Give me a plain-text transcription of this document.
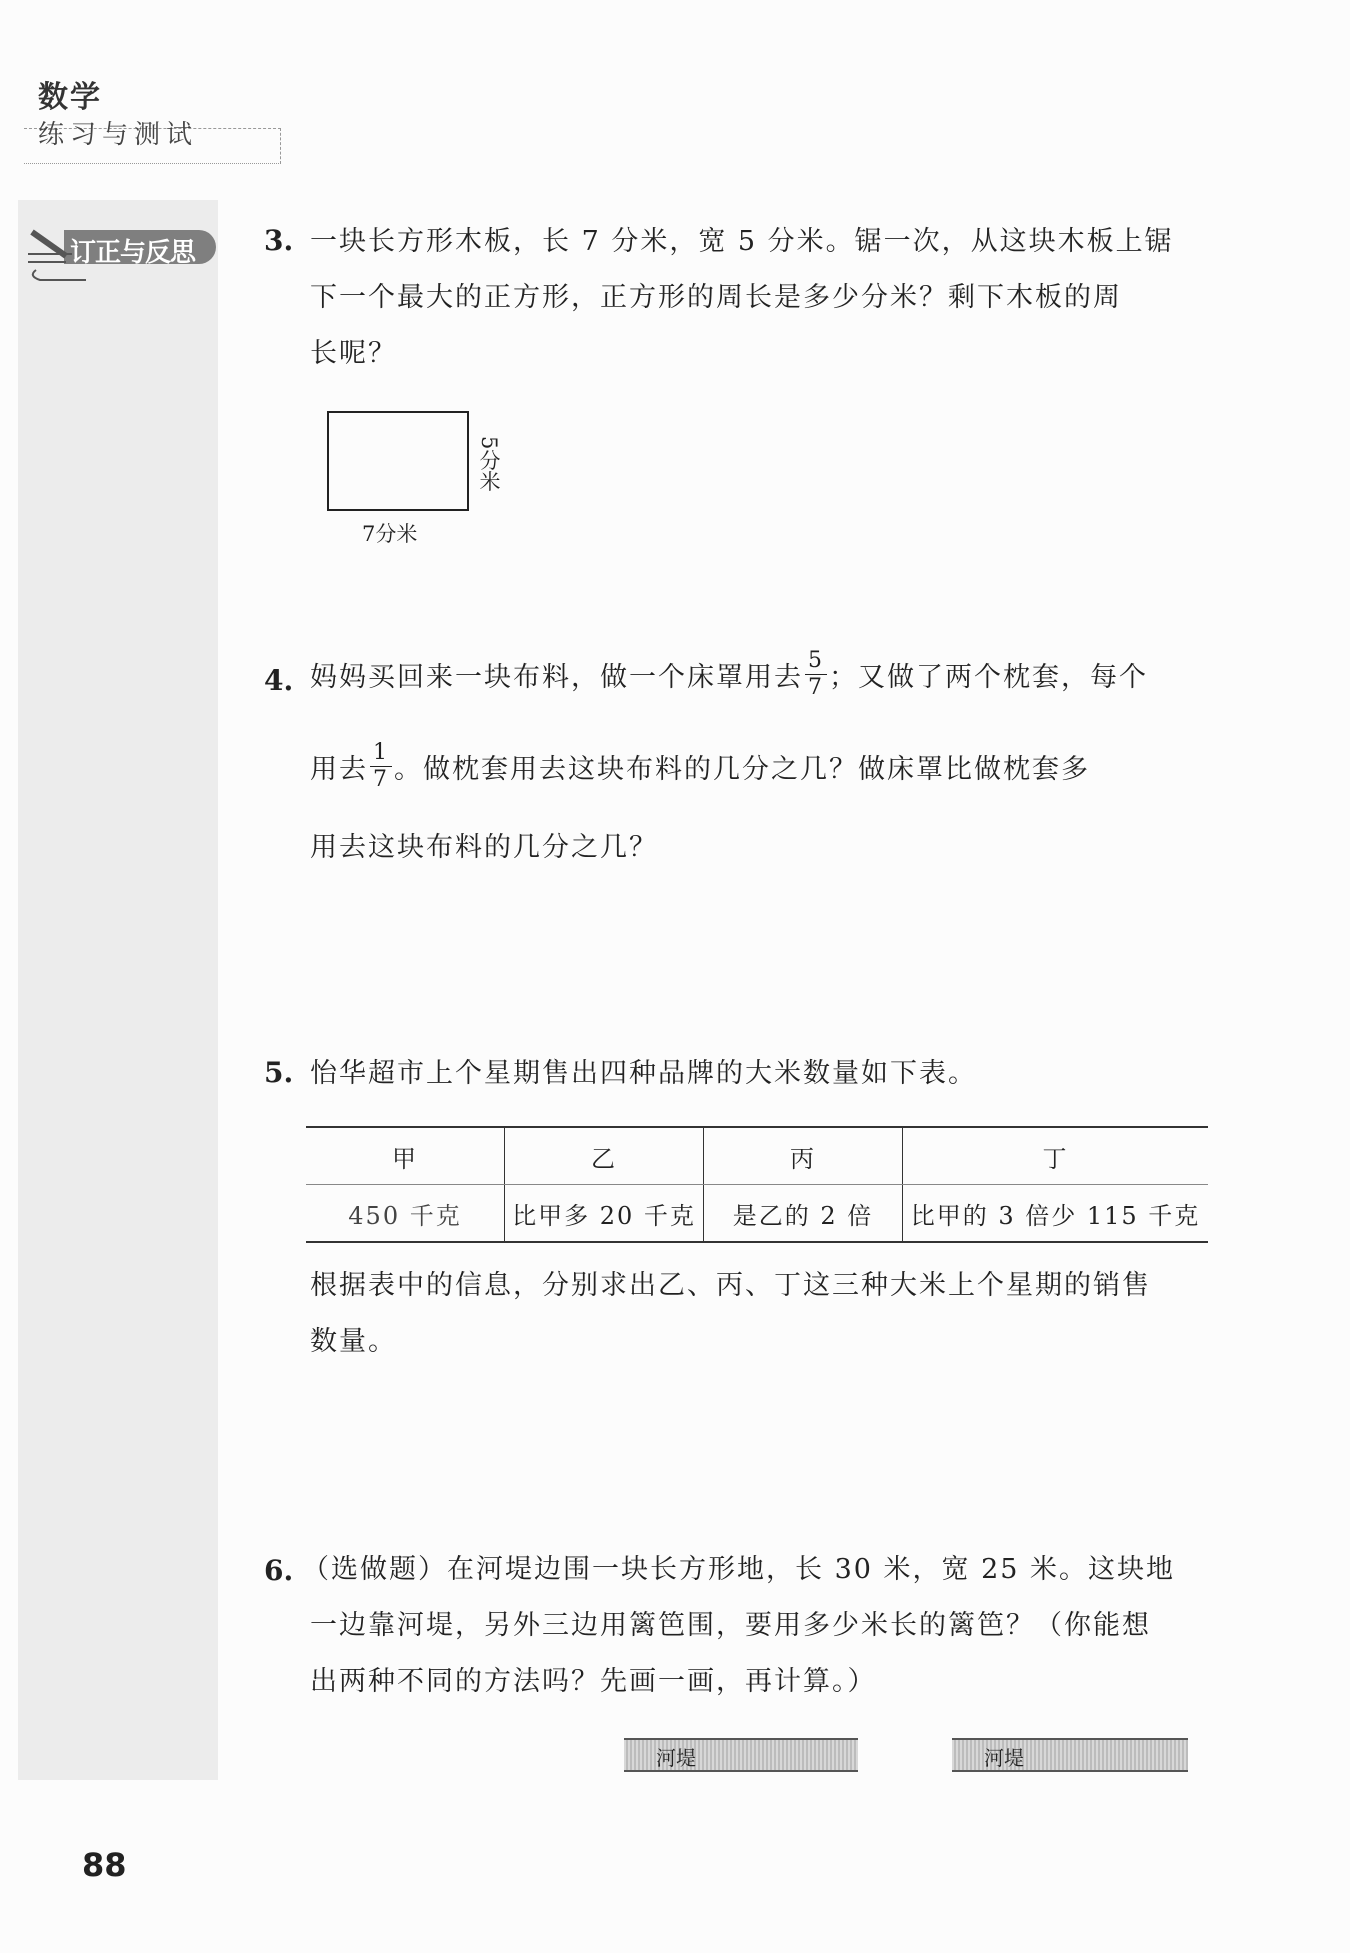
数学
练习与测试
订正与反思 3. 一块长方形木板，长 7 分米，宽 5 分米。锯一次，从这块木板上锯
下一个最大的正方形，正方形的周长是多少分米？剩下木板的周
长呢？
7分米
5分米
4. 妈妈买回来一块布料，做一个床罩用去 $\frac{5}{7}$ ；又做了两个枕套，每个
用去 $\frac{1}{7}$ 。做枕套用去这块布料的几分之几？做床罩比做枕套多
用去这块布料的几分之几？
5. 怡华超市上个星期售出四种品牌的大米数量如下表。
甲	乙	丙	丁
450 千克	比甲多 20 千克	是乙的 2 倍	比甲的 3 倍少 115 千克
根据表中的信息，分别求出乙、丙、丁这三种大米上个星期的销售
数量。
6. （选做题）在河堤边围一块长方形地，长 30 米，宽 25 米。这块地
一边靠河堤，另外三边用篱笆围，要用多少米长的篱笆？（你能想
出两种不同的方法吗？先画一画，再计算。）
河堤	河堤
88
